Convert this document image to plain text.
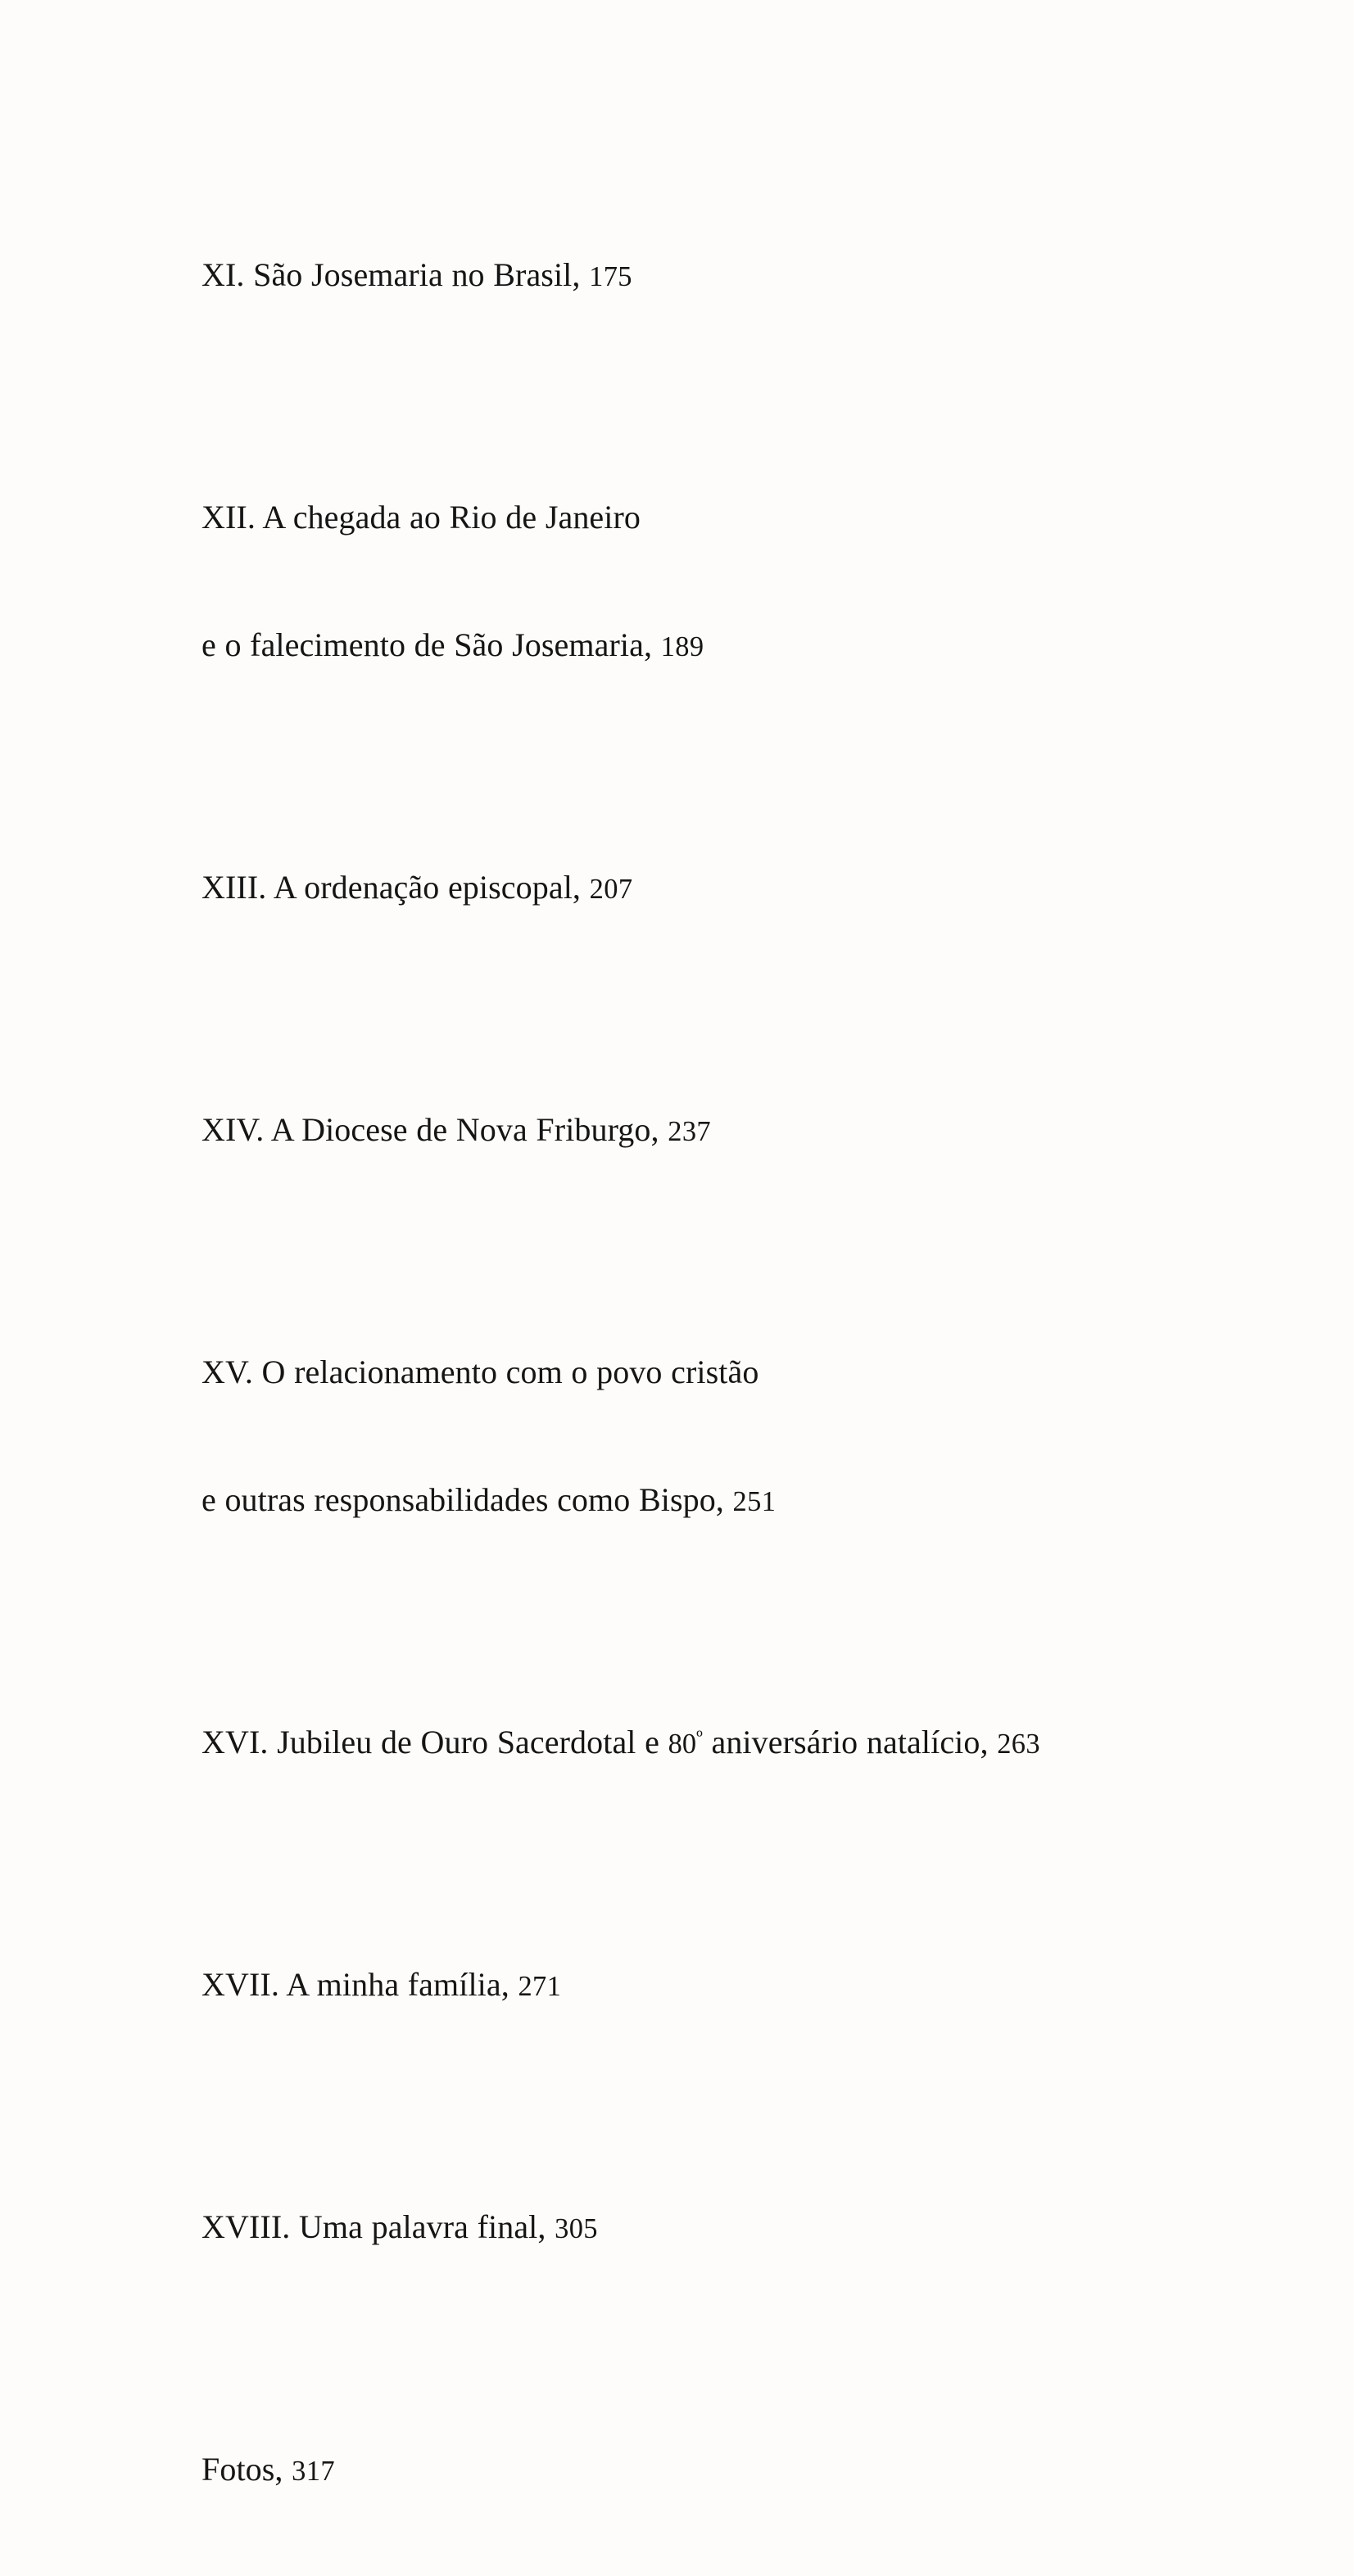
XI. São Josemaria no Brasil, 175

XII. A chegada ao Rio de Janeiro

e o falecimento de São Josemaria, 189

XIII. A ordenação episcopal, 207

XIV. A Diocese de Nova Friburgo, 237

XV. O relacionamento com o povo cristão

e outras responsabilidades como Bispo, 251

XVI. Jubileu de Ouro Sacerdotal e $80^º$ aniversário natalício, 263

XVII. A minha família, 271

XVIII. Uma palavra final, 305

Fotos, 317
